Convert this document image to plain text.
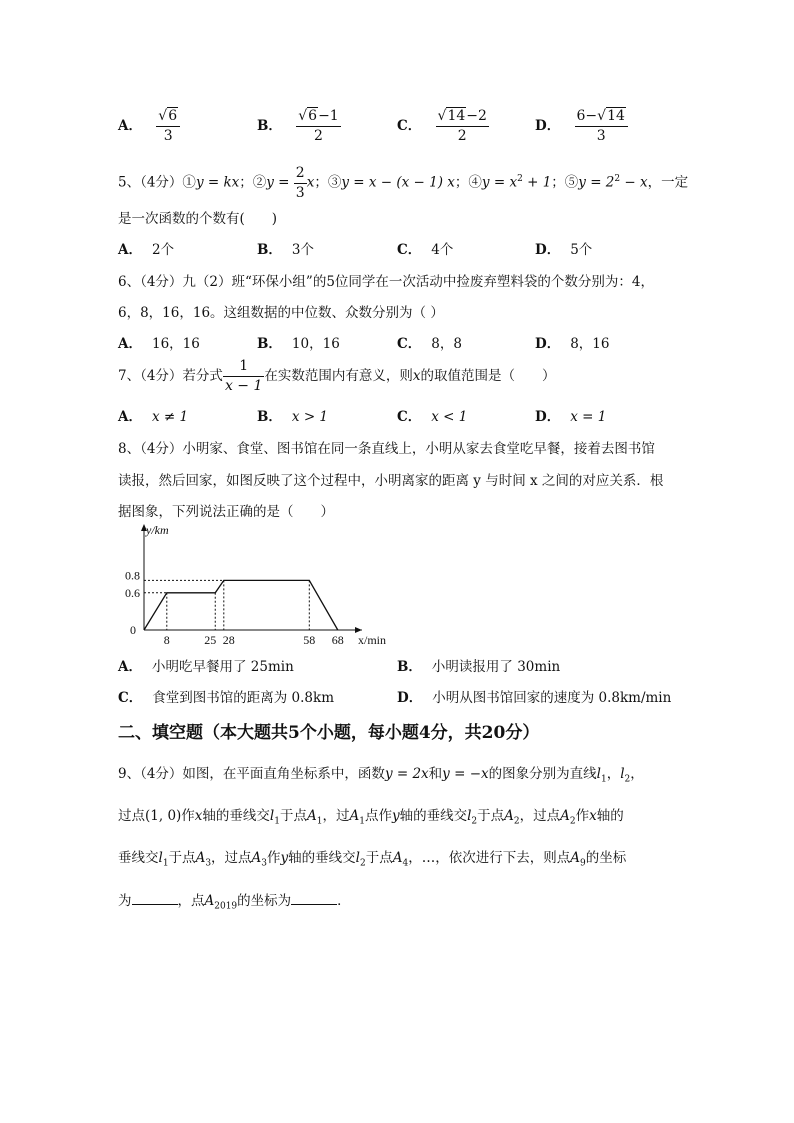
A． $\frac{√6}{3}$	B． $\frac{√6-1}{2}$	C． $\frac{√14-2}{2}$	D． $\frac{6-√14}{3}$
5、（4分）①y = kx；②y = $\frac{2}{3}$ x；③y = x − (x − 1) x；④y = $x^2 + 1$；⑤y = $2^2 - x$，一定
是一次函数的个数有(　　)
A． 2个	B． 3个	C． 4个	D． 5个
6、（4分）九（2）班“环保小组”的5位同学在一次活动中捡废弃塑料袋的个数分别为：4，
6，8，16，16。这组数据的中位数、众数分别为（ ）
A． 16，16	B． 10，16	C． 8，8	D． 8，16
7、（4分）若分式 $\frac{1}{x - 1}$ 在实数范围内有意义，则x的取值范围是（　　）
A． x ≠ 1	B． x > 1	C． x < 1	D． x = 1
8、（4分）小明家、食堂、图书馆在同一条直线上，小明从家去食堂吃早餐，接着去图书馆
读报，然后回家，如图反映了这个过程中，小明离家的距离 y 与时间 x 之间的对应关系．根
据图象，下列说法正确的是（　　）
8	25 28	58 68
0.6
0.8
0
x/min
y/km
A． 小明吃早餐用了 25min	B． 小明读报用了 30min
C． 食堂到图书馆的距离为 0.8km	D． 小明从图书馆回家的速度为 0.8km/min
二、填空题（本大题共5个小题，每小题4分，共20分）
9、（4分）如图，在平面直角坐标系中，函数y = 2x和y = −x的图象分别为直线$l_1$，$l_2$，
过点(1, 0)作x轴的垂线交$l_1$于点$A_1$，过$A_1$点作y轴的垂线交$l_2$于点$A_2$，过点$A_2$作x轴的
垂线交$l_1$于点$A_3$，过点$A_3$作y轴的垂线交$l_2$于点$A_4$，…，依次进行下去，则点$A_9$的坐标
为	，点$A_{2019}$的坐标为	．
